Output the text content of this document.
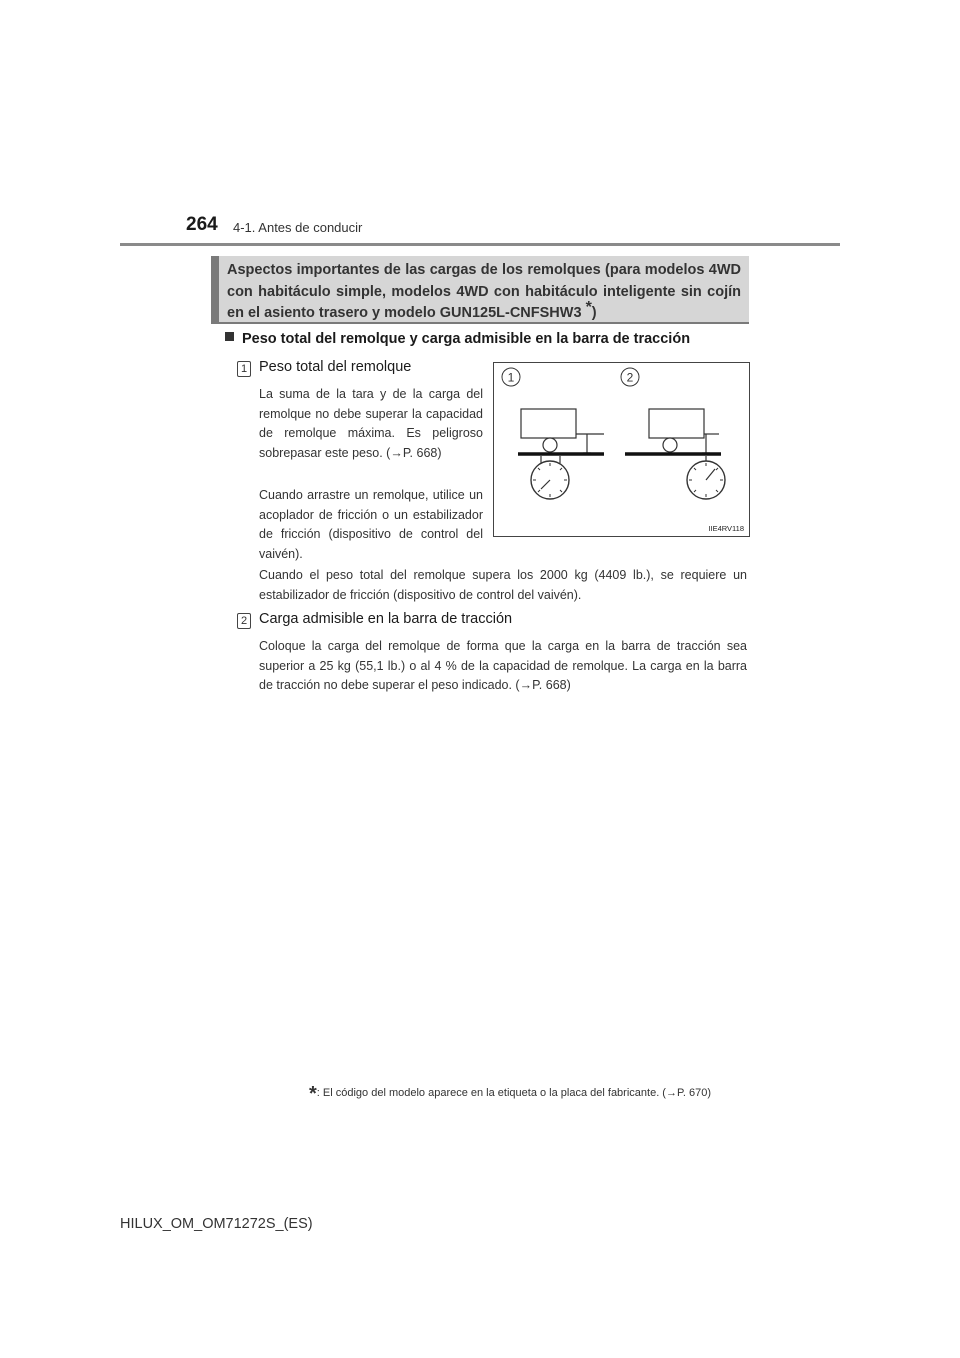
264 4-1. Antes de conducir
Aspectos importantes de las cargas de los remolques (para modelos 4WD con habitáculo simple, modelos 4WD con habitáculo inteligente sin cojín en el asiento trasero y modelo GUN125L-CNFSHW3 *)
Peso total del remolque y carga admisible en la barra de tracción
1 Peso total del remolque

La suma de la tara y de la carga del remolque no debe superar la capacidad de remolque máxima. Es peligroso sobrepasar este peso. (→P. 668)

Cuando arrastre un remolque, utilice un acoplador de fricción o un estabilizador de fricción (dispositivo de control del vaivén).

Cuando el peso total del remolque supera los 2000 kg (4409 lb.), se requiere un estabilizador de fricción (dispositivo de control del vaivén).

2 Carga admisible en la barra de tracción

Coloque la carga del remolque de forma que la carga en la barra de tracción sea superior a 25 kg (55,1 lb.) o al 4 % de la capacidad de remolque. La carga en la barra de tracción no debe superar el peso indicado. (→P. 668)

1	2
IIE4RV118
*: El código del modelo aparece en la etiqueta o la placa del fabricante. (→P. 670)
HILUX_OM_OM71272S_(ES)
